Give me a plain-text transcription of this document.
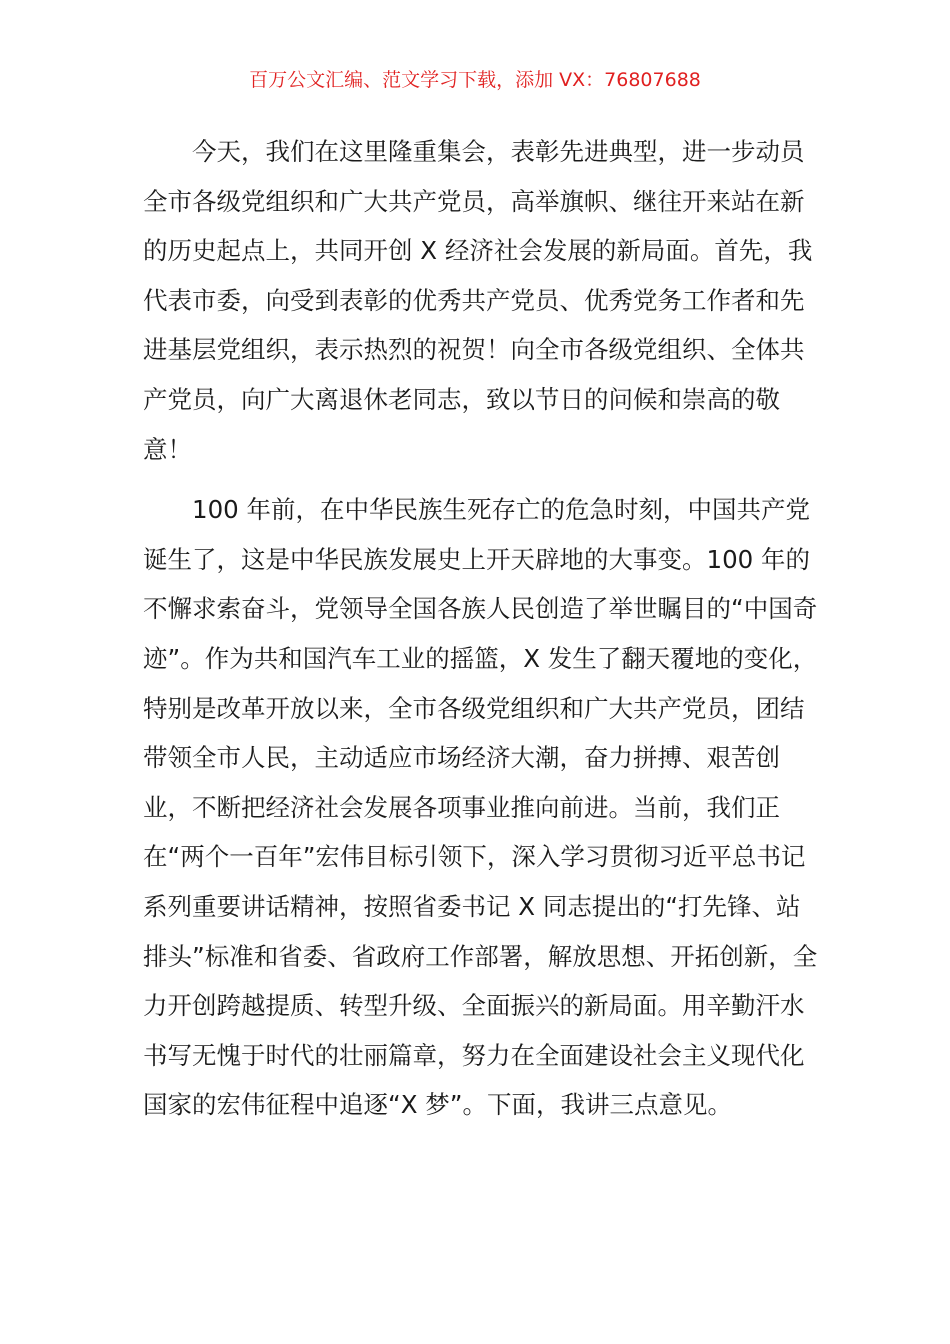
百万公文汇编、范文学习下载，添加 VX：76807688

今天，我们在这里隆重集会，表彰先进典型，进一步动员全市各级党组织和广大共产党员，高举旗帜、继往开来站在新的历史起点上，共同开创 X 经济社会发展的新局面。首先，我代表市委，向受到表彰的优秀共产党员、优秀党务工作者和先进基层党组织，表示热烈的祝贺！向全市各级党组织、全体共产党员，向广大离退休老同志，致以节日的问候和崇高的敬意！

100 年前，在中华民族生死存亡的危急时刻，中国共产党诞生了，这是中华民族发展史上开天辟地的大事变。100 年的不懈求索奋斗，党领导全国各族人民创造了举世瞩目的“中国奇迹”。作为共和国汽车工业的摇篮，X 发生了翻天覆地的变化，特别是改革开放以来，全市各级党组织和广大共产党员，团结带领全市人民，主动适应市场经济大潮，奋力拼搏、艰苦创业，不断把经济社会发展各项事业推向前进。当前，我们正在“两个一百年”宏伟目标引领下，深入学习贯彻习近平总书记系列重要讲话精神，按照省委书记 X 同志提出的“打先锋、站排头”标准和省委、省政府工作部署，解放思想、开拓创新，全力开创跨越提质、转型升级、全面振兴的新局面。用辛勤汗水书写无愧于时代的壮丽篇章，努力在全面建设社会主义现代化国家的宏伟征程中追逐“X 梦”。下面，我讲三点意见。
